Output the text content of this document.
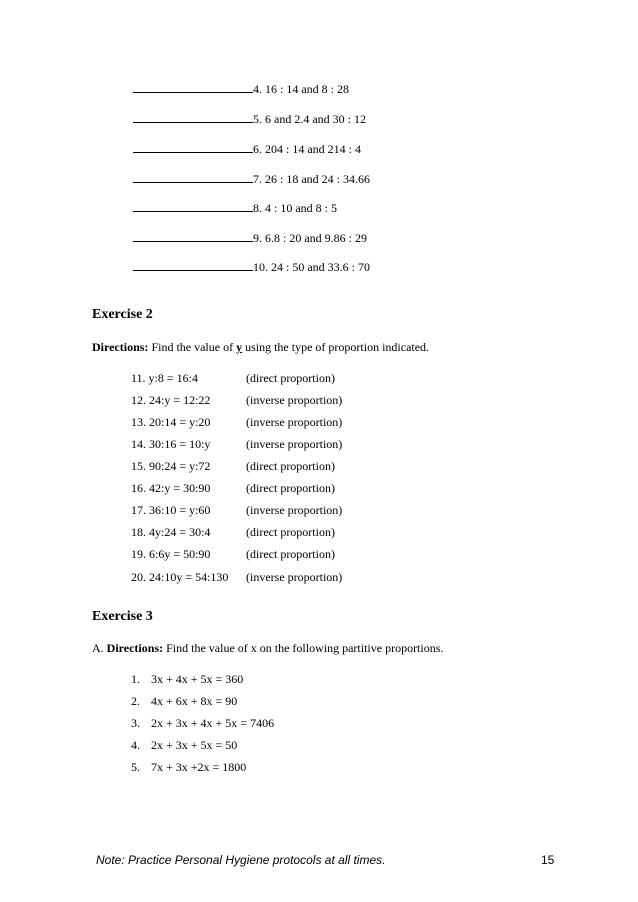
4. 16 : 14 and 8 : 28
5. 6 and 2.4 and 30 : 12
6. 204 : 14 and 214 : 4
7. 26 : 18 and 24 : 34.66
8. 4 : 10 and 8 : 5
9. 6.8 : 20 and 9.86 : 29
10. 24 : 50 and 33.6 : 70
Exercise 2
Directions: Find the value of y using the type of proportion indicated.
11. y:8 = 16:4	(direct proportion)
12. 24:y = 12:22	(inverse proportion)
13. 20:14 = y:20	(inverse proportion)
14. 30:16 = 10:y	(inverse proportion)
15. 90:24 = y:72	(direct proportion)
16. 42:y = 30:90	(direct proportion)
17. 36:10 = y:60	(inverse proportion)
18. 4y:24 = 30:4	(direct proportion)
19. 6:6y = 50:90	(direct proportion)
20. 24:10y = 54:130 (inverse proportion)
Exercise 3
A. Directions: Find the value of x on the following partitive proportions.
1. 3x + 4x + 5x = 360
2. 4x + 6x + 8x = 90
3. 2x + 3x + 4x + 5x = 7406
4. 2x + 3x + 5x = 50
5. 7x + 3x +2x = 1800
Note: Practice Personal Hygiene protocols at all times.	15
